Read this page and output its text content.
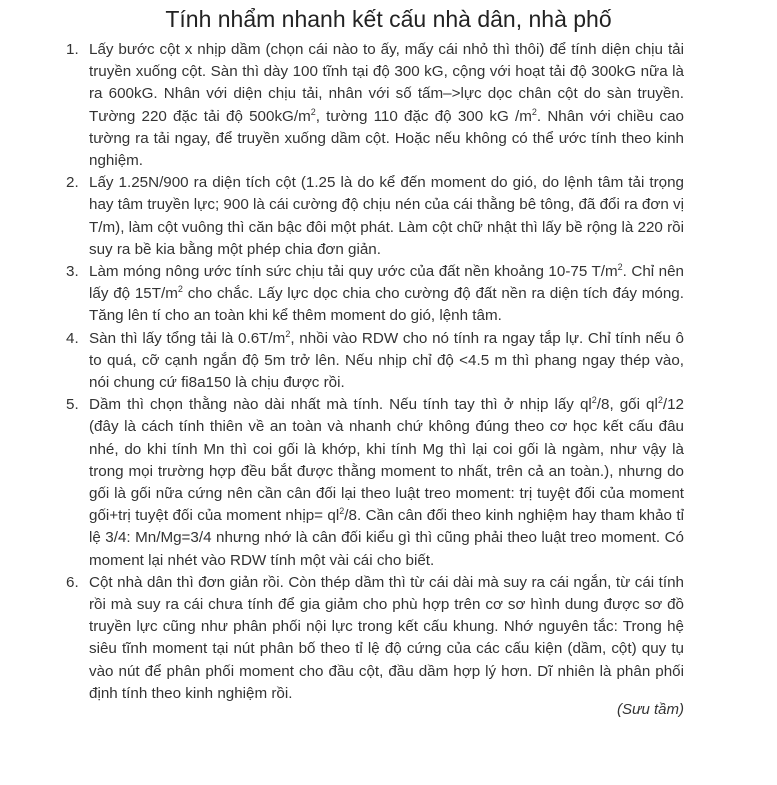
Tính nhẩm nhanh kết cấu nhà dân, nhà phố
1. Lấy bước cột x nhịp dầm (chọn cái nào to ấy, mấy cái nhỏ thì thôi) để tính diện chịu tải truyền xuống cột. Sàn thì dày 100 tĩnh tại độ 300 kG, cộng với hoạt tải độ 300kG nữa là ra 600kG. Nhân với diện chịu tải, nhân với số tấm–>lực dọc chân cột do sàn truyền. Tường 220 đặc tải độ $500kG/m^2$, tường 110 đặc độ 300 kG $/m^2$. Nhân với chiều cao tường ra tải ngay, để truyền xuống dầm cột. Hoặc nếu không có thể ước tính theo kinh nghiệm.
2. Lấy 1.25N/900 ra diện tích cột (1.25 là do kể đến moment do gió, do lệnh tâm tải trọng hay tâm truyền lực; 900 là cái cường độ chịu nén của cái thằng bê tông, đã đổi ra đơn vị T/m), làm cột vuông thì căn bậc đôi một phát. Làm cột chữ nhật thì lấy bề rộng là 220 rồi suy ra bề kia bằng một phép chia đơn giản.
3. Làm móng nông ước tính sức chịu tải quy ước của đất nền khoảng 10-75 $T/m^2$. Chỉ nên lấy độ $15T/m^2$ cho chắc. Lấy lực dọc chia cho cường độ đất nền ra diện tích đáy móng. Tăng lên tí cho an toàn khi kể thêm moment do gió, lệnh tâm.
4. Sàn thì lấy tổng tải là $0.6T/m^2$, nhồi vào RDW cho nó tính ra ngay tắp lự. Chỉ tính nếu ô to quá, cỡ cạnh ngắn độ 5m trở lên. Nếu nhịp chỉ độ <4.5 m thì phang ngay thép vào, nói chung cứ fi8a150 là chịu được rồi.
5. Dầm thì chọn thằng nào dài nhất mà tính. Nếu tính tay thì ở nhịp lấy $ql^2/8$, gối $ql^2/12$ (đây là cách tính thiên về an toàn và nhanh chứ không đúng theo cơ học kết cấu đâu nhé, do khi tính Mn thì coi gối là khớp, khi tính Mg thì lại coi gối là ngàm, như vậy là trong mọi trường hợp đều bắt được thằng moment to nhất, trên cả an toàn.), nhưng do gối là gối nữa cứng nên cần cân đối lại theo luật treo moment: trị tuyệt đối của moment gối+trị tuyệt đối của moment nhịp= $ql^2/8$. Cần cân đối theo kinh nghiệm hay tham khảo tỉ lệ 3/4: Mn/Mg=3/4 nhưng nhớ là cân đối kiểu gì thì cũng phải theo luật treo moment. Có moment lại nhét vào RDW tính một vài cái cho biết.
6. Cột nhà dân thì đơn giản rồi. Còn thép dầm thì từ cái dài mà suy ra cái ngắn, từ cái tính rồi mà suy ra cái chưa tính để gia giảm cho phù hợp trên cơ sơ hình dung được sơ đồ truyền lực cũng như phân phối nội lực trong kết cấu khung. Nhớ nguyên tắc: Trong hệ siêu tĩnh moment tại nút phân bố theo tỉ lệ độ cứng của các cấu kiện (dầm, cột) quy tụ vào nút để phân phối moment cho đầu cột, đầu dầm hợp lý hơn. Dĩ nhiên là phân phối định tính theo kinh nghiệm rồi.
(Sưu tầm)
